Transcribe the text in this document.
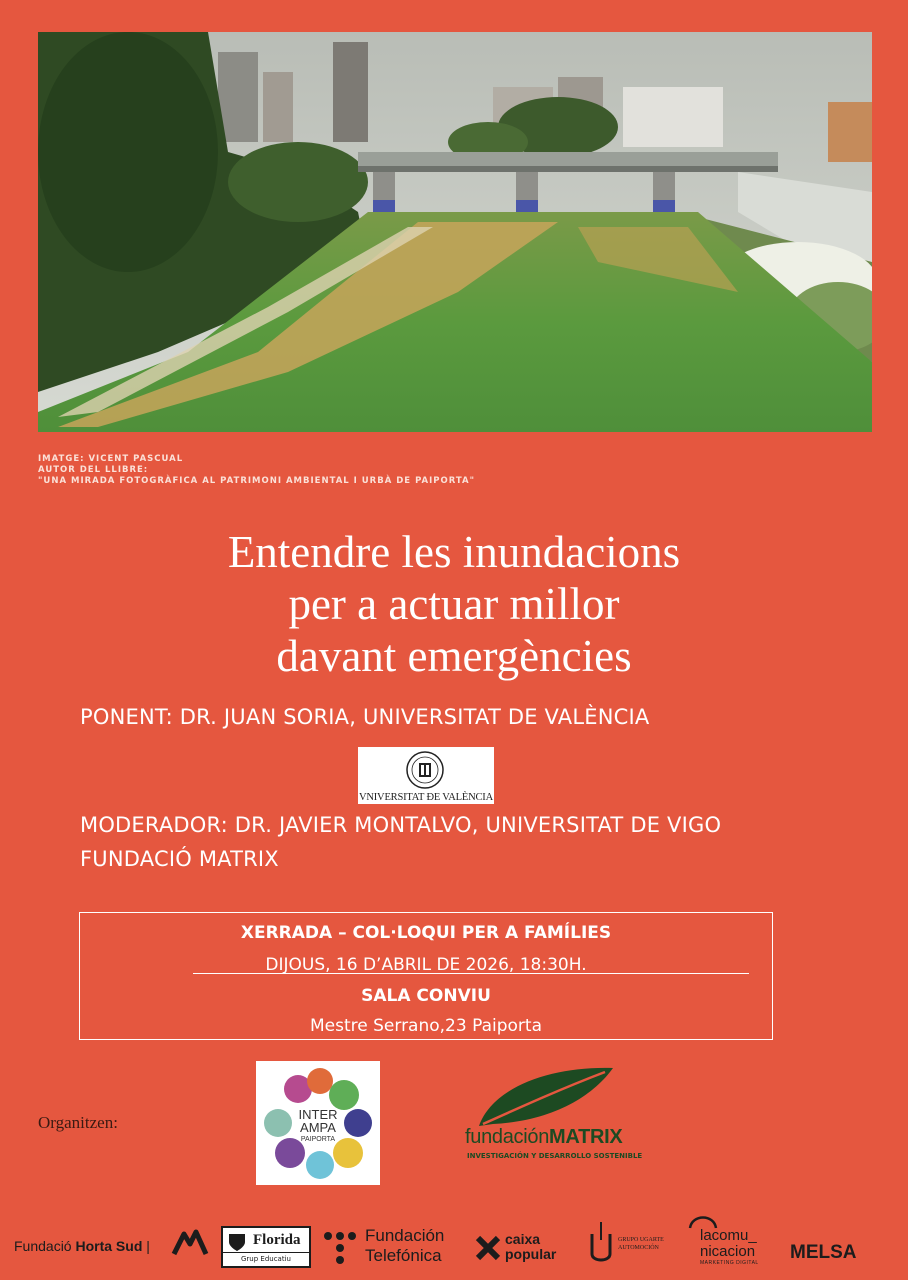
IMATGE: VICENT PASCUAL
AUTOR DEL LLIBRE:
"UNA MIRADA FOTOGRÀFICA AL PATRIMONI AMBIENTAL I URBÀ DE PAIPORTA"
Entendre les inundacions
per a actuar millor
davant emergències
PONENT: DR. JUAN SORIA, UNIVERSITAT DE VALÈNCIA
VNIVERSITAT ÐE VALÈNCIA
MODERADOR: DR. JAVIER MONTALVO, UNIVERSITAT DE VIGO
FUNDACIÓ MATRIX
XERRADA – COL·LOQUI PER A FAMÍLIES
DIJOUS, 16 D’ABRIL DE 2026, 18:30H.
SALA CONVIU
Mestre Serrano,23 Paiporta
Organitzen:	INTER
AMPA
PAIPORTA	fundaciónMATRIX
INVESTIGACIÓN Y DESARROLLO SOSTENIBLE
Fundació Horta Sud |	Florida
Grup Educatiu
Fundación
Telefónica
caixa
popular
GRUPO UGARTE
AUTOMOCIÓN
lacomu_
nicacion
MARKETING DIGITAL MELSA
